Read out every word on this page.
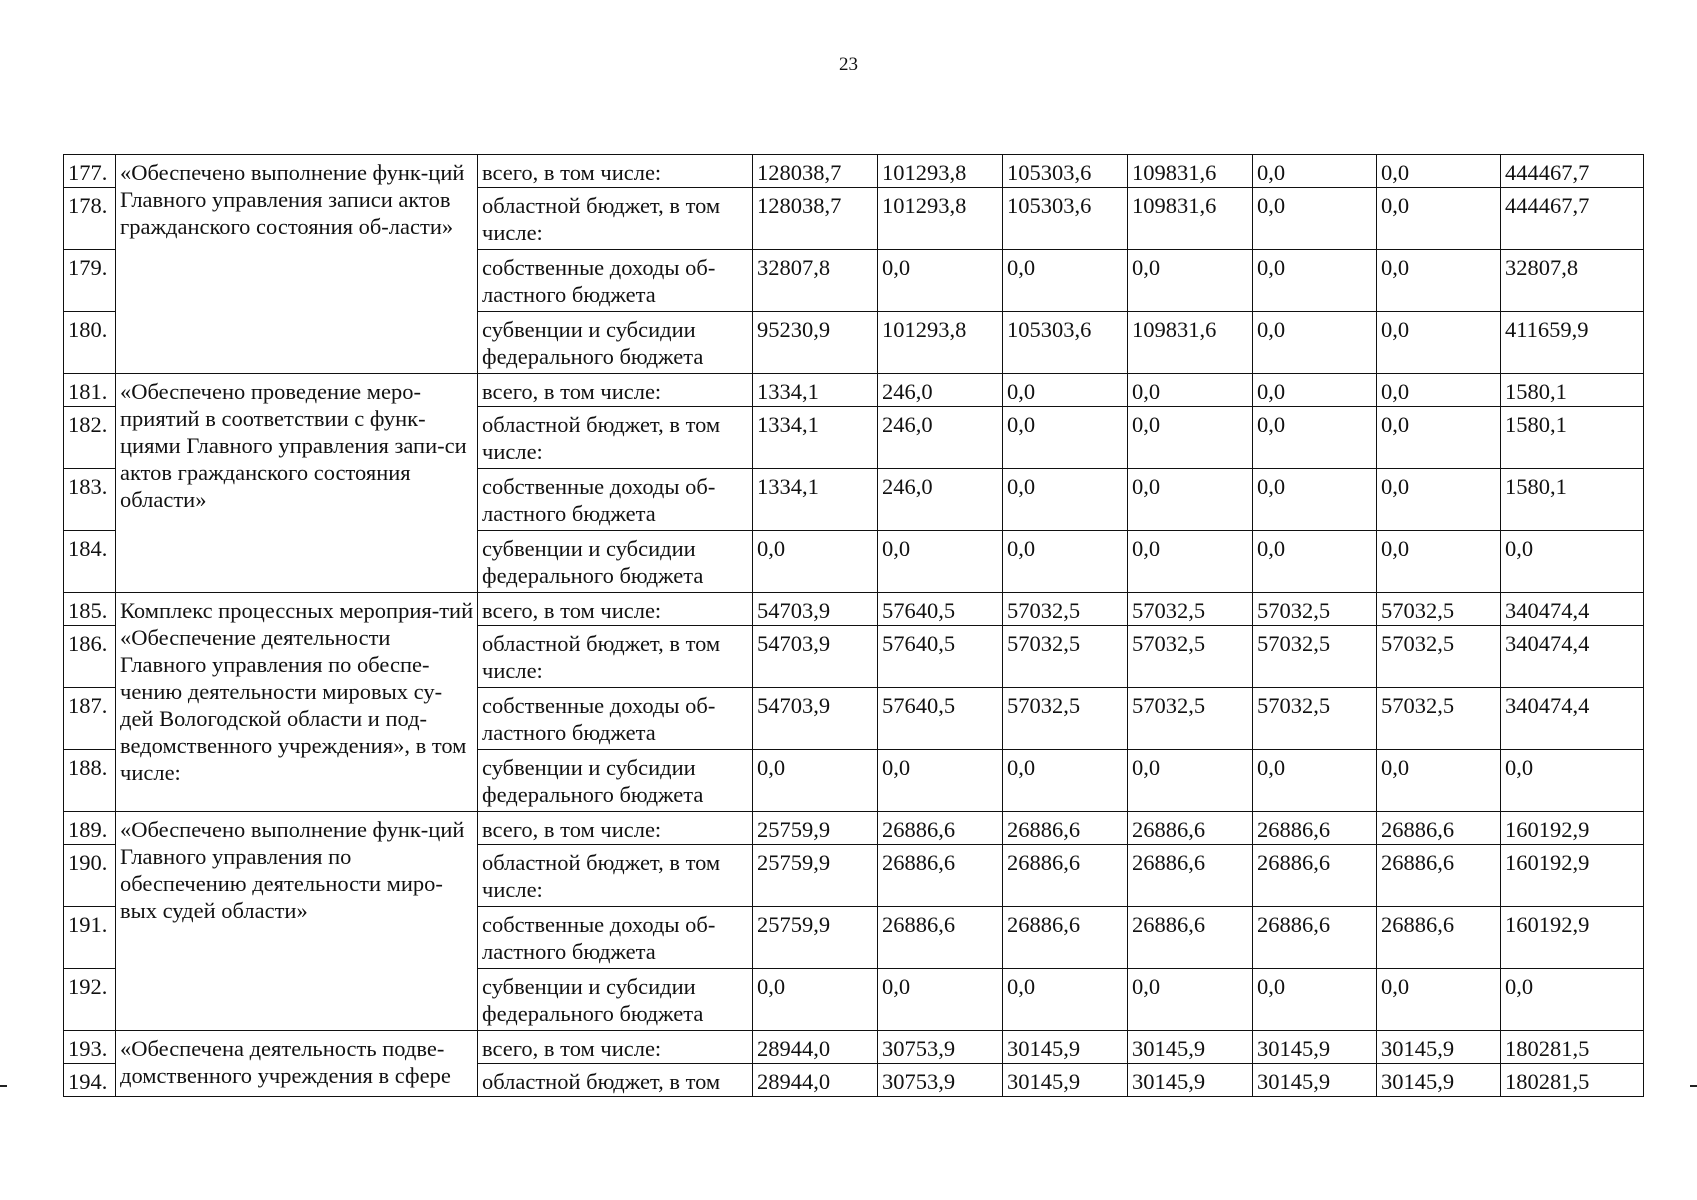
23
177.	«Обеспечено выполнение функ-ций Главного управления записи актов гражданского состояния об-ласти»	всего, в том числе:	128038,7	101293,8	105303,6	109831,6	0,0	0,0	444467,7
178.		областной бюджет, в том числе:	128038,7	101293,8	105303,6	109831,6	0,0	0,0	444467,7
179.		собственные доходы об-ластного бюджета	32807,8	0,0	0,0	0,0	0,0	0,0	32807,8
180.		субвенции и субсидии федерального бюджета	95230,9	101293,8	105303,6	109831,6	0,0	0,0	411659,9
181.	«Обеспечено проведение меро-приятий в соответствии с функ-циями Главного управления запи-си актов гражданского состояния области»	всего, в том числе:	1334,1	246,0	0,0	0,0	0,0	0,0	1580,1
182.		областной бюджет, в том числе:	1334,1	246,0	0,0	0,0	0,0	0,0	1580,1
183.		собственные доходы об-ластного бюджета	1334,1	246,0	0,0	0,0	0,0	0,0	1580,1
184.		субвенции и субсидии федерального бюджета	0,0	0,0	0,0	0,0	0,0	0,0	0,0
185.	Комплекс процессных мероприя-тий «Обеспечение деятельности Главного управления по обеспе-чению деятельности мировых су-дей Вологодской области и под-ведомственного учреждения», в том числе:	всего, в том числе:	54703,9	57640,5	57032,5	57032,5	57032,5	57032,5	340474,4
186.		областной бюджет, в том числе:	54703,9	57640,5	57032,5	57032,5	57032,5	57032,5	340474,4
187.		собственные доходы об-ластного бюджета	54703,9	57640,5	57032,5	57032,5	57032,5	57032,5	340474,4
188.		субвенции и субсидии федерального бюджета	0,0	0,0	0,0	0,0	0,0	0,0	0,0
189.	«Обеспечено выполнение функ-ций Главного управления по обеспечению деятельности миро-вых судей области»	всего, в том числе:	25759,9	26886,6	26886,6	26886,6	26886,6	26886,6	160192,9
190.		областной бюджет, в том числе:	25759,9	26886,6	26886,6	26886,6	26886,6	26886,6	160192,9
191.		собственные доходы об-ластного бюджета	25759,9	26886,6	26886,6	26886,6	26886,6	26886,6	160192,9
192.		субвенции и субсидии федерального бюджета	0,0	0,0	0,0	0,0	0,0	0,0	0,0
193.	«Обеспечена деятельность подве-домственного учреждения в сфере	всего, в том числе:	28944,0	30753,9	30145,9	30145,9	30145,9	30145,9	180281,5
194.		областной бюджет, в том	28944,0	30753,9	30145,9	30145,9	30145,9	30145,9	180281,5
